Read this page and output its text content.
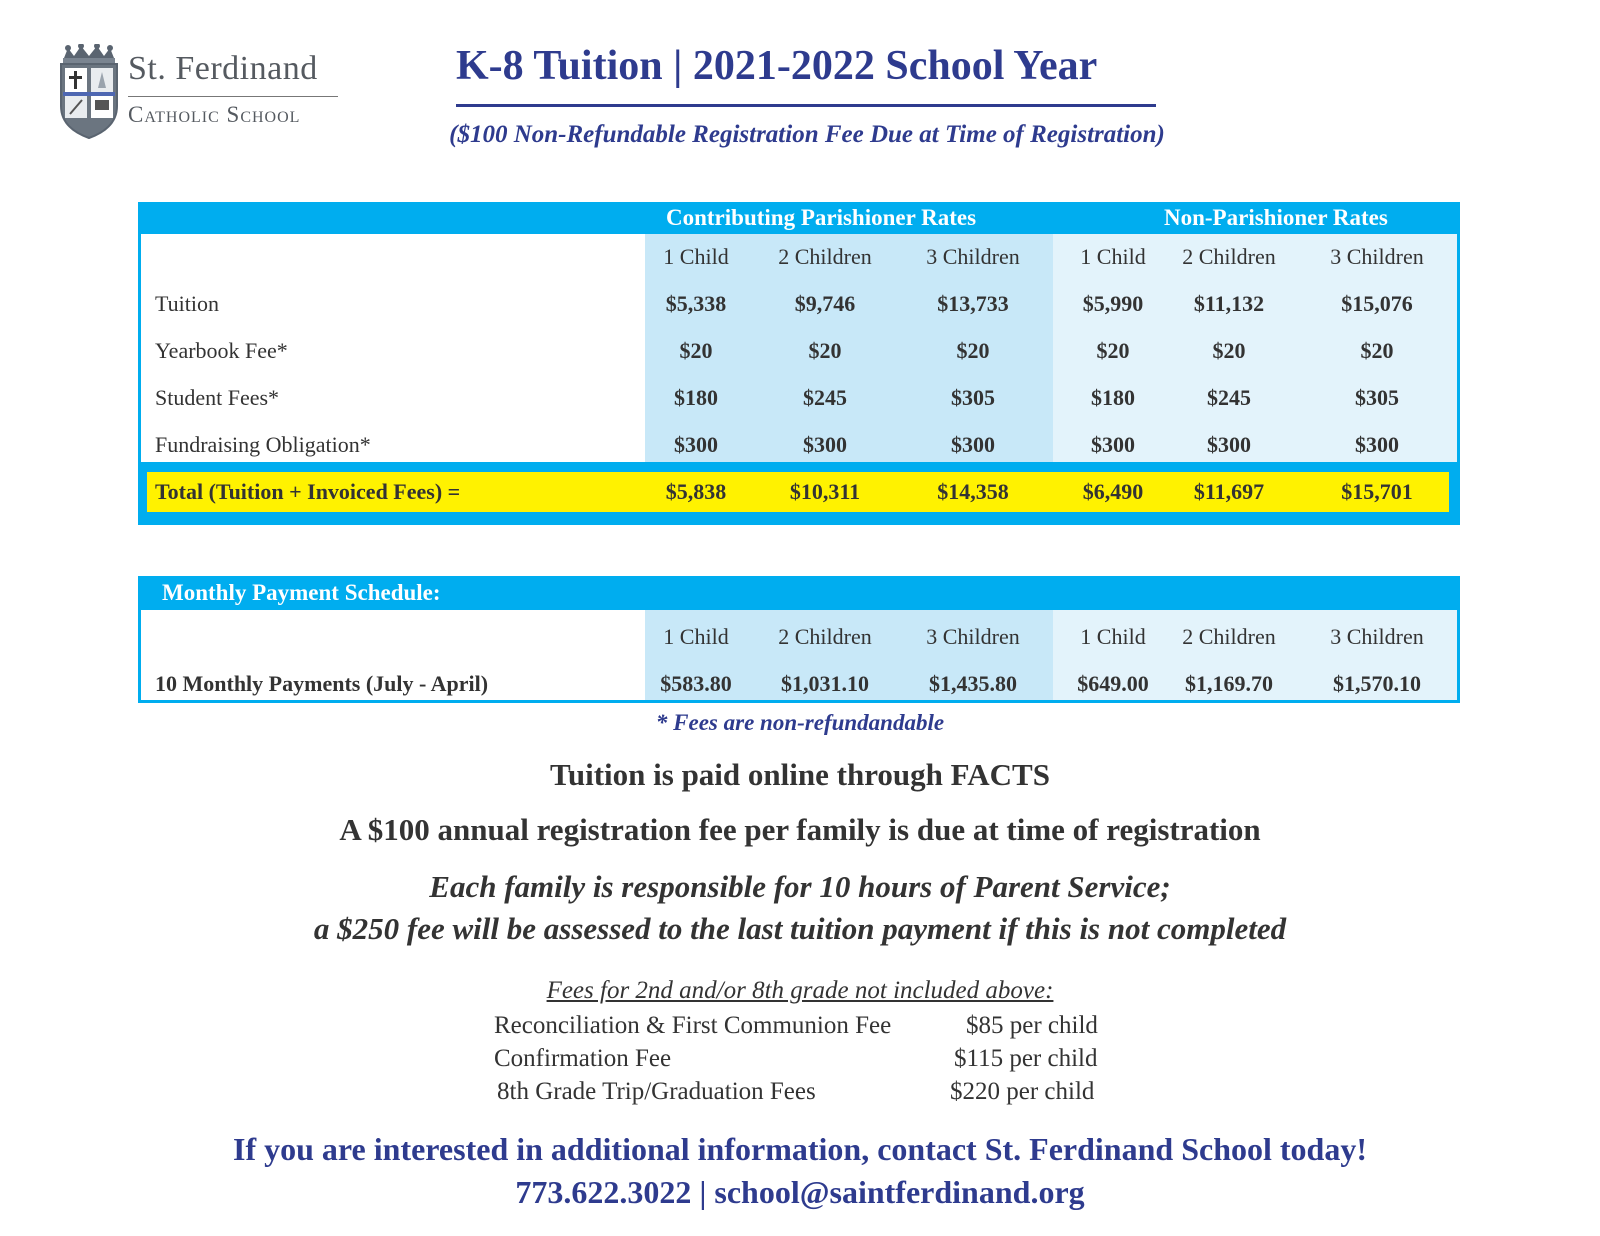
St. Ferdinand
Catholic School
K-8 Tuition | 2021-2022 School Year
($100 Non-Refundable Registration Fee Due at Time of Registration)
Contributing Parishioner Rates	Non-Parishioner Rates
1 Child	2 Children	3 Children	1 Child	2 Children	3 Children
Tuition	$5,338	$9,746	$13,733	$5,990	$11,132	$15,076
Yearbook Fee*	$20	$20	$20	$20	$20	$20
Student Fees*	$180	$245	$305	$180	$245	$305
Fundraising Obligation*	$300	$300	$300	$300	$300	$300
Total (Tuition + Invoiced Fees) =	$5,838	$10,311	$14,358	$6,490	$11,697	$15,701
Monthly Payment Schedule:
1 Child	2 Children	3 Children	1 Child	2 Children	3 Children
10 Monthly Payments (July - April)	$583.80	$1,031.10	$1,435.80	$649.00	$1,169.70	$1,570.10
* Fees are non-refundandable
Tuition is paid online through FACTS
A $100 annual registration fee per family is due at time of registration
Each family is responsible for 10 hours of Parent Service;
a $250 fee will be assessed to the last tuition payment if this is not completed
Fees for 2nd and/or 8th grade not included above:
Reconciliation & First Communion Fee	$85 per child
Confirmation Fee	$115 per child
8th Grade Trip/Graduation Fees	$220 per child
If you are interested in additional information, contact St. Ferdinand School today!
773.622.3022 | school@saintferdinand.org
